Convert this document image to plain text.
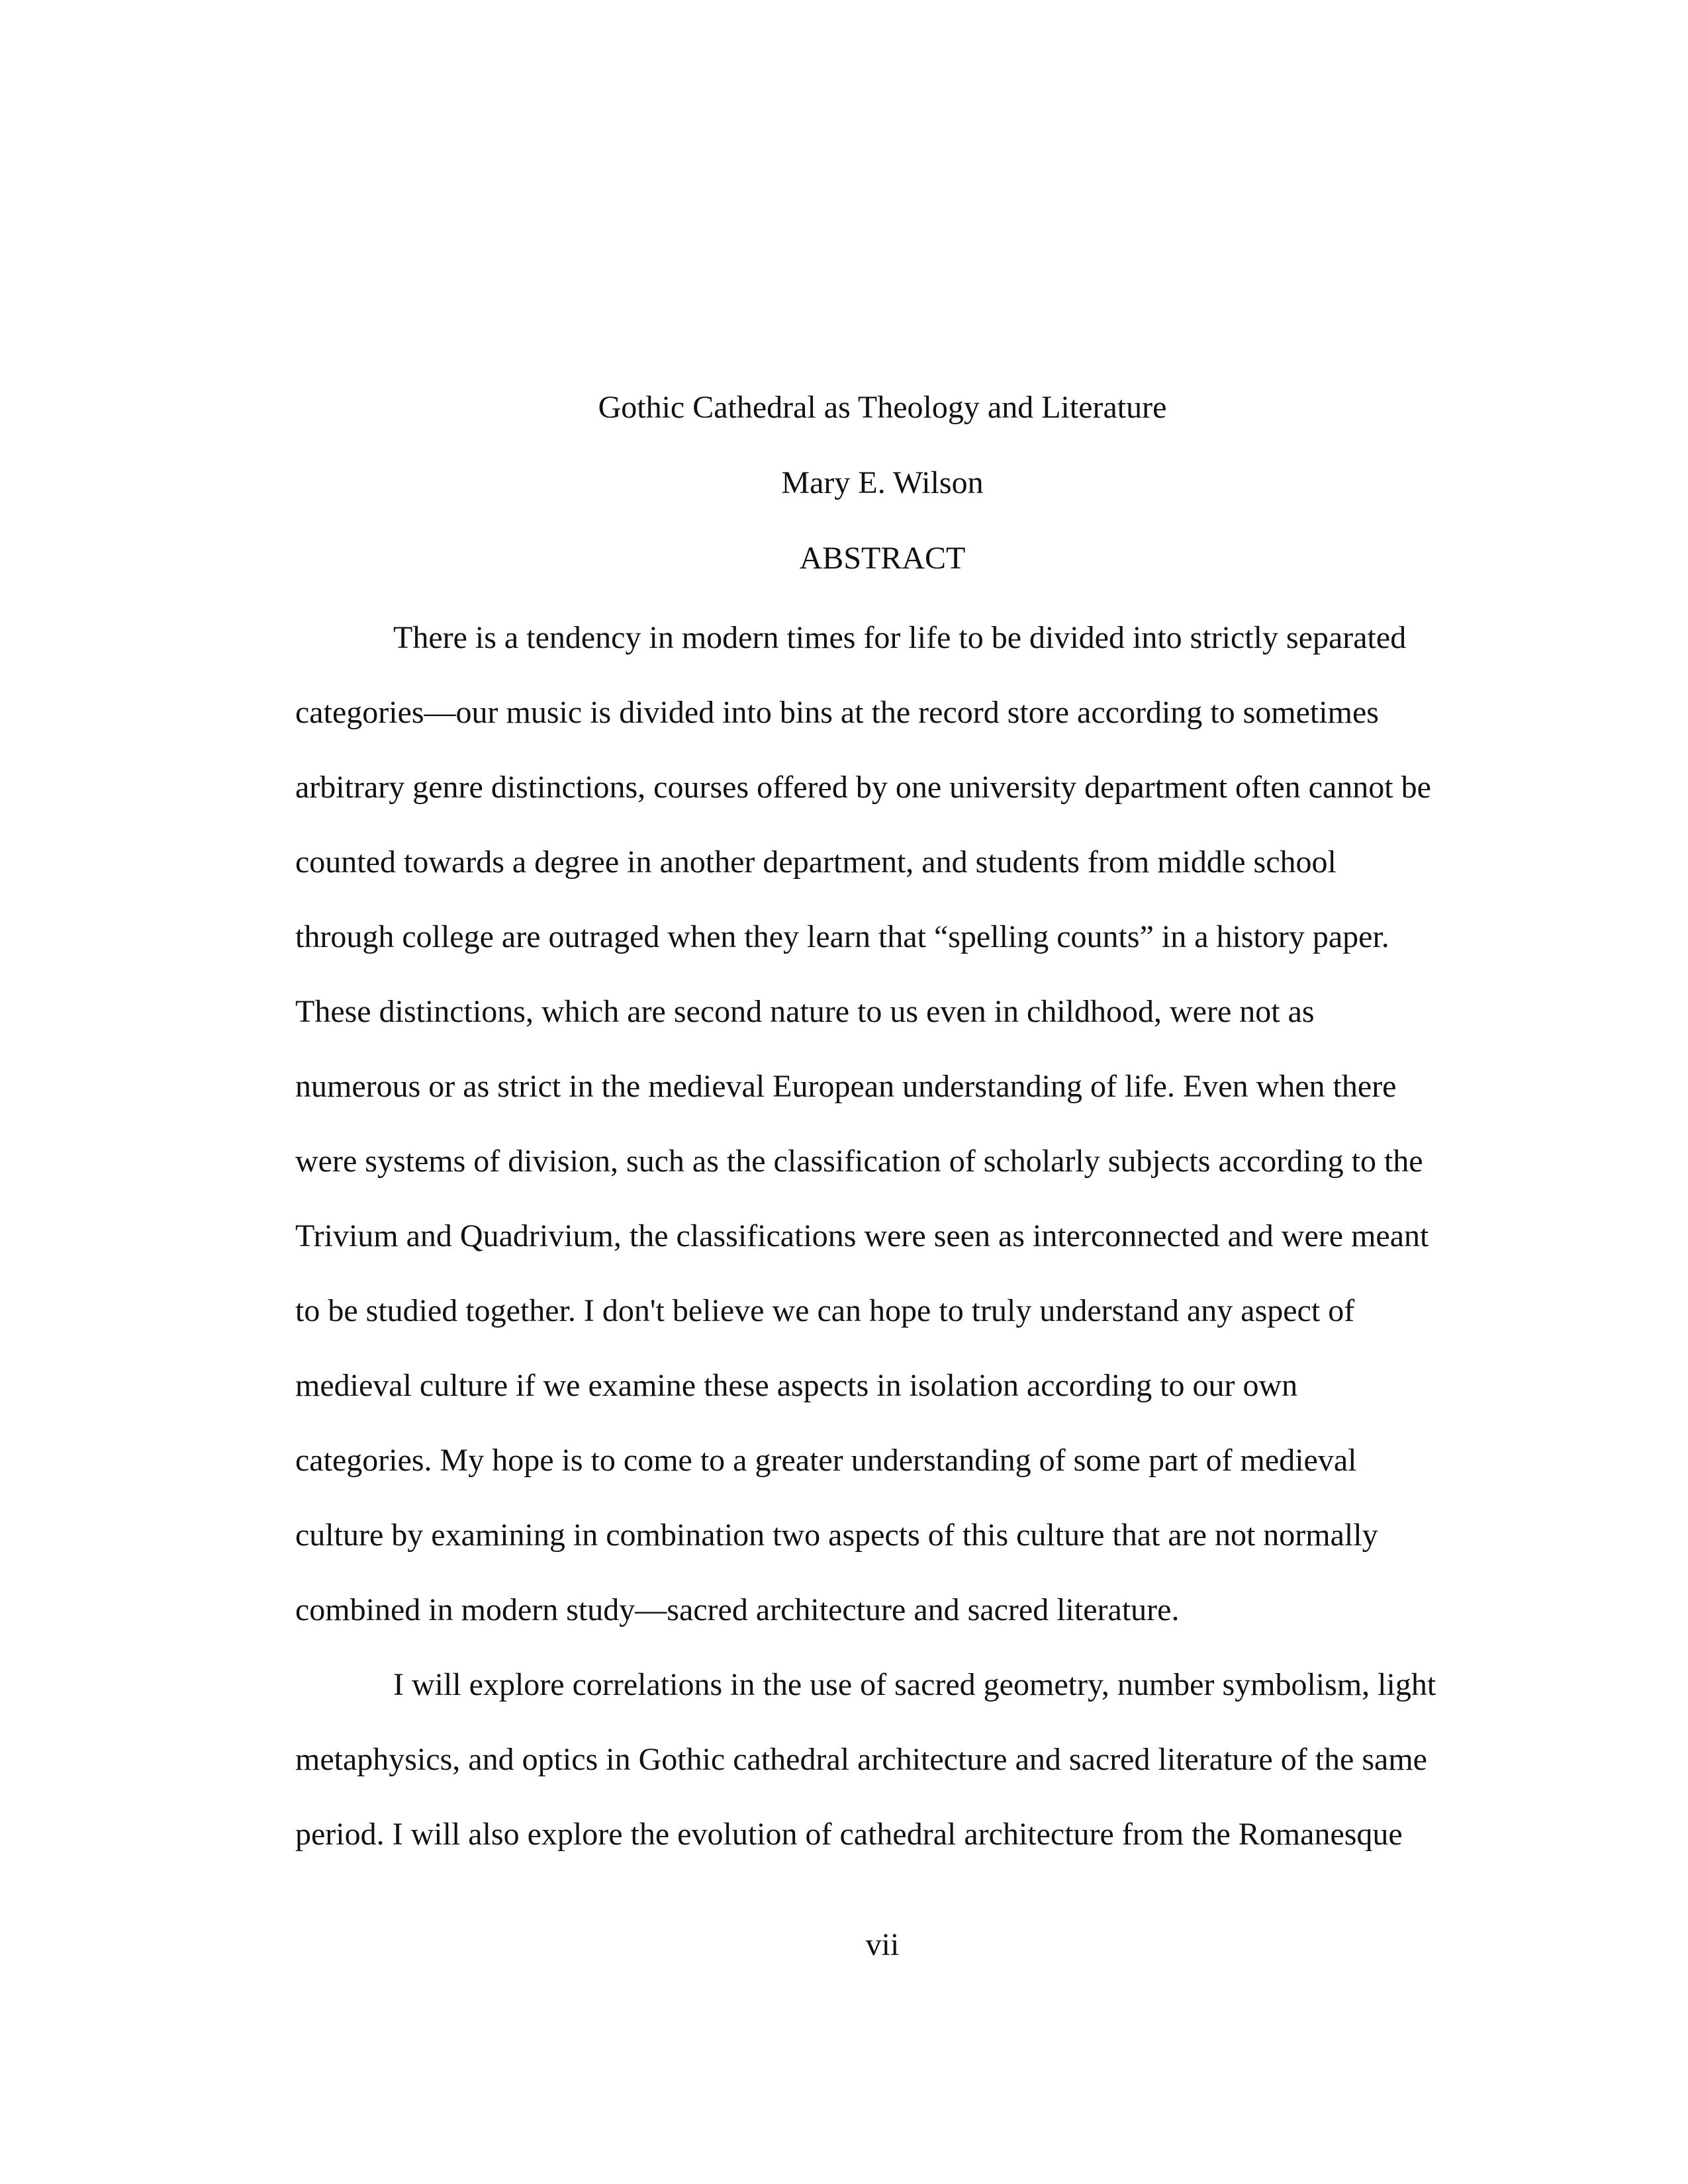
Gothic Cathedral as Theology and Literature
Mary E. Wilson
ABSTRACT

There is a tendency in modern times for life to be divided into strictly separated

categories—our music is divided into bins at the record store according to sometimes

arbitrary genre distinctions, courses offered by one university department often cannot be

counted towards a degree in another department, and students from middle school

through college are outraged when they learn that “spelling counts” in a history paper.

These distinctions, which are second nature to us even in childhood, were not as

numerous or as strict in the medieval European understanding of life. Even when there

were systems of division, such as the classification of scholarly subjects according to the

Trivium and Quadrivium, the classifications were seen as interconnected and were meant

to be studied together. I don't believe we can hope to truly understand any aspect of

medieval culture if we examine these aspects in isolation according to our own

categories. My hope is to come to a greater understanding of some part of medieval

culture by examining in combination two aspects of this culture that are not normally

combined in modern study—sacred architecture and sacred literature.

I will explore correlations in the use of sacred geometry, number symbolism, light

metaphysics, and optics in Gothic cathedral architecture and sacred literature of the same

period. I will also explore the evolution of cathedral architecture from the Romanesque

vii
